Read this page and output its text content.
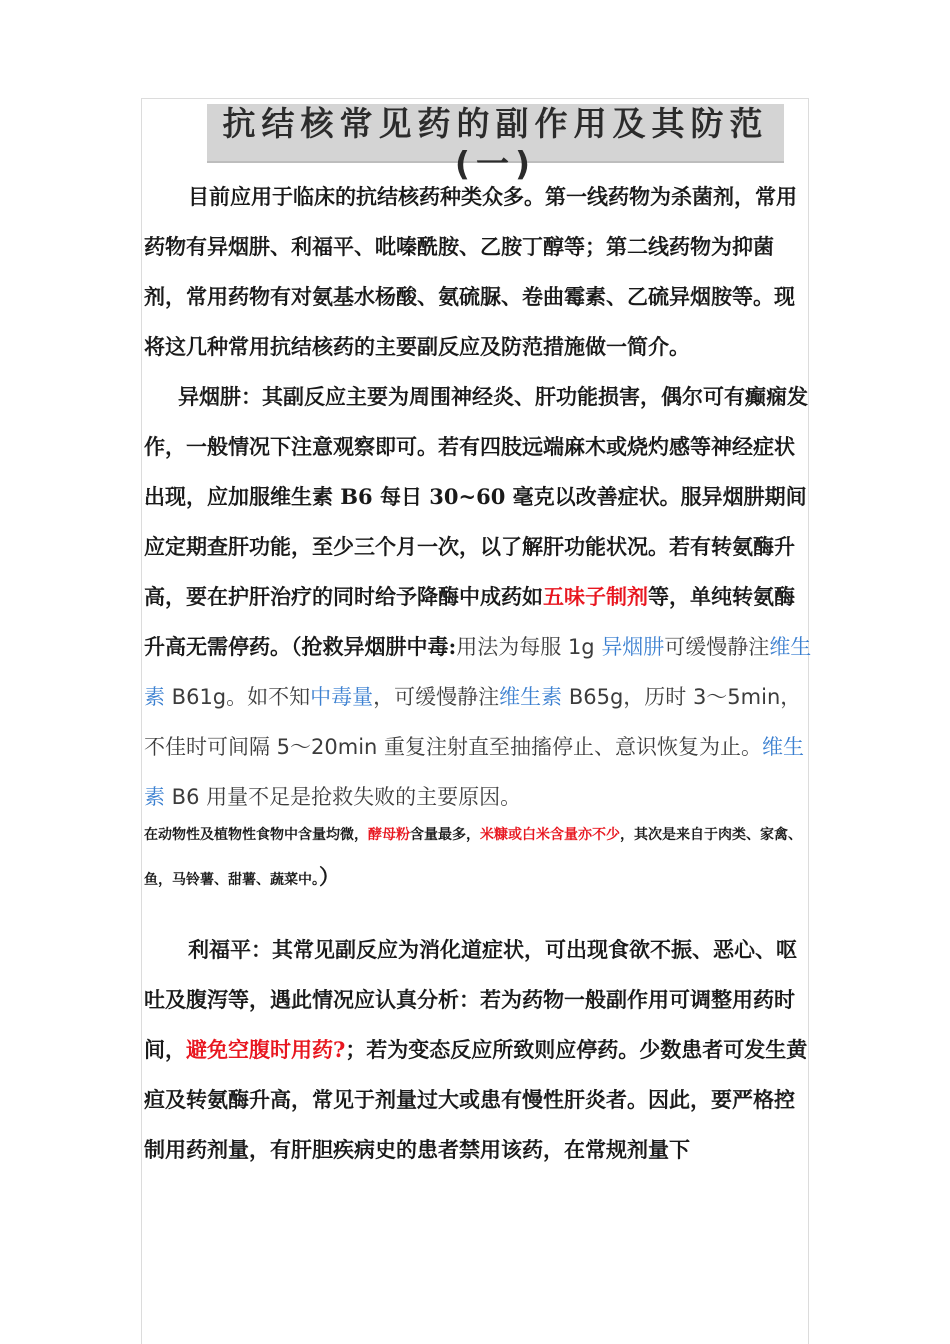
抗结核常见药的副作用及其防范(一)

目前应用于临床的抗结核药种类众多。第一线药物为杀菌剂，常用药物有异烟肼、利福平、吡嗪酰胺、乙胺丁醇等；第二线药物为抑菌剂，常用药物有对氨基水杨酸、氨硫脲、卷曲霉素、乙硫异烟胺等。现将这几种常用抗结核药的主要副反应及防范措施做一简介。

异烟肼：其副反应主要为周围神经炎、肝功能损害，偶尔可有癫痫发作，一般情况下注意观察即可。若有四肢远端麻木或烧灼感等神经症状出现，应加服维生素 B6 每日 30~60 毫克以改善症状。服异烟肼期间应定期查肝功能，至少三个月一次，以了解肝功能状况。若有转氨酶升高，要在护肝治疗的同时给予降酶中成药如五味子制剂等，单纯转氨酶升高无需停药。（抢救异烟肼中毒:用法为每服 1g 异烟肼可缓慢静注维生素 B61g。如不知中毒量，可缓慢静注维生素 B65g，历时 3～5min，不佳时可间隔 5～20min 重复注射直至抽搐停止、意识恢复为止。维生素 B6 用量不足是抢救失败的主要原因。

在动物性及植物性食物中含量均微，酵母粉含量最多，米糠或白米含量亦不少，其次是来自于肉类、家禽、鱼，马铃薯、甜薯、蔬菜中。）

利福平：其常见副反应为消化道症状，可出现食欲不振、恶心、呕吐及腹泻等，遇此情况应认真分析：若为药物一般副作用可调整用药时间，避免空腹时用药?；若为变态反应所致则应停药。少数患者可发生黄疸及转氨酶升高，常见于剂量过大或患有慢性肝炎者。因此，要严格控制用药剂量，有肝胆疾病史的患者禁用该药，在常规剂量下
